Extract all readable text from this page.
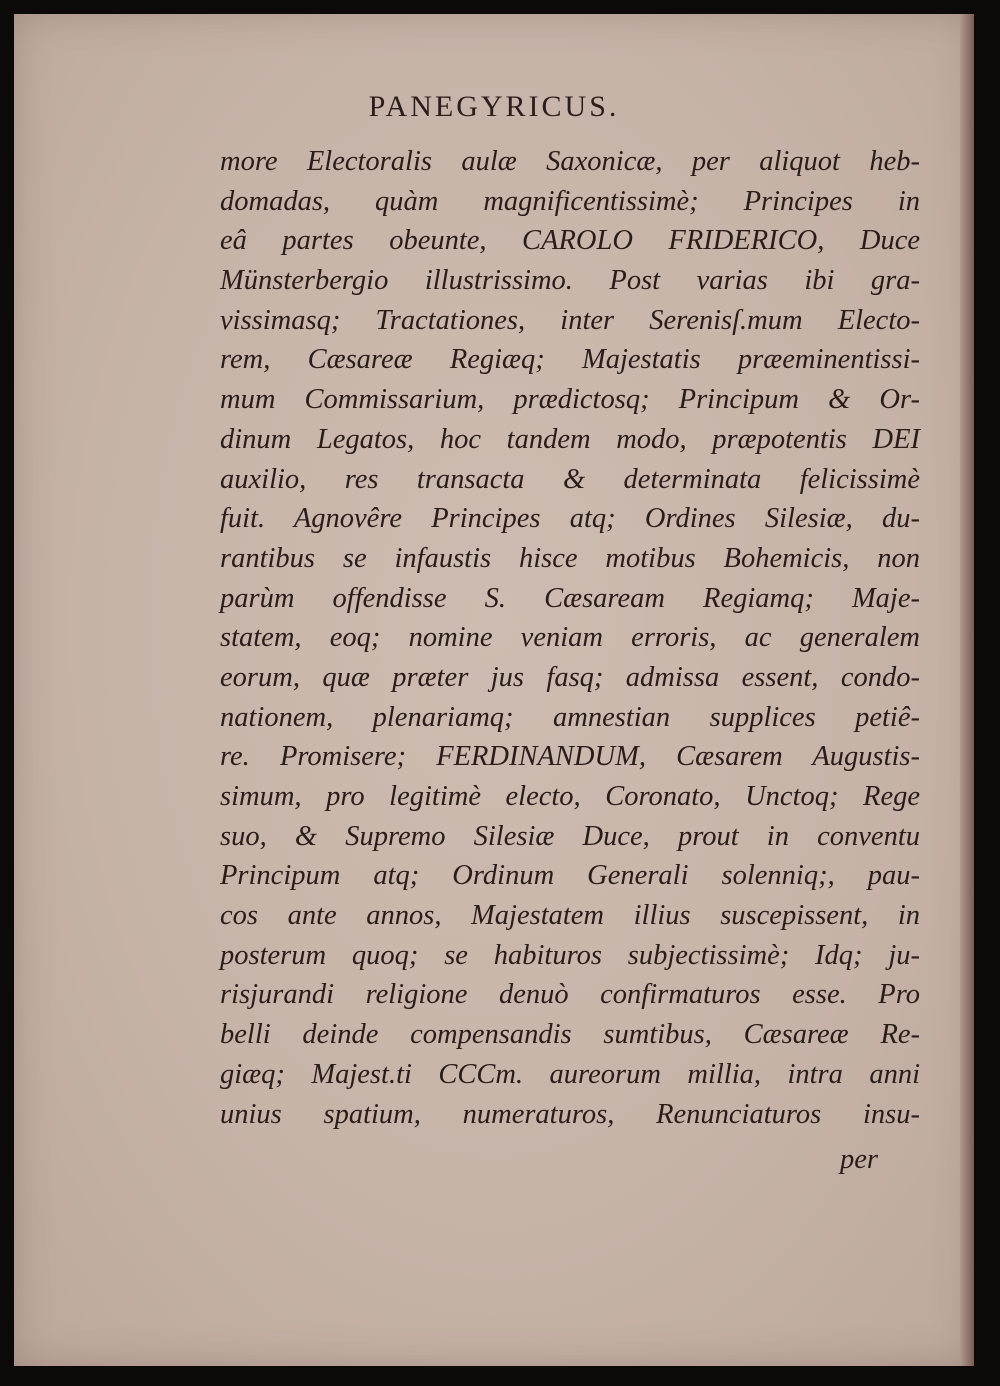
PANEGYRICUS.
more Electoralis aulæ Saxonicæ, per aliquot heb-
domadas, quàm magnificentissimè; Principes in
eâ partes obeunte, CAROLO FRIDERICO, Duce
Münsterbergio illustrissimo. Post varias ibi gra-
vissimasq; Tractationes, inter Serenisſ.mum Electo-
rem, Cæsareæ Regiæq; Majestatis præeminentissi-
mum Commissarium, prædictosq; Principum & Or-
dinum Legatos, hoc tandem modo, præpotentis DEI
auxilio, res transacta & determinata felicissimè
fuit. Agnovêre Principes atq; Ordines Silesiæ, du-
rantibus se infaustis hisce motibus Bohemicis, non
parùm offendisse S. Cæsaream Regiamq; Maje-
statem, eoq; nomine veniam erroris, ac generalem
eorum, quæ præter jus fasq; admissa essent, condo-
nationem, plenariamq; amnestian supplices petiê-
re. Promisere; FERDINANDUM, Cæsarem Augustis-
simum, pro legitimè electo, Coronato, Unctoq; Rege
suo, & Supremo Silesiæ Duce, prout in conventu
Principum atq; Ordinum Generali solenniq;, pau-
cos ante annos, Majestatem illius suscepissent, in
posterum quoq; se habituros subjectissimè; Idq; ju-
risjurandi religione denuò confirmaturos esse. Pro
belli deinde compensandis sumtibus, Cæsareæ Re-
giæq; Majest.ti CCCm. aureorum millia, intra anni
unius spatium, numeraturos, Renunciaturos insu-
per
